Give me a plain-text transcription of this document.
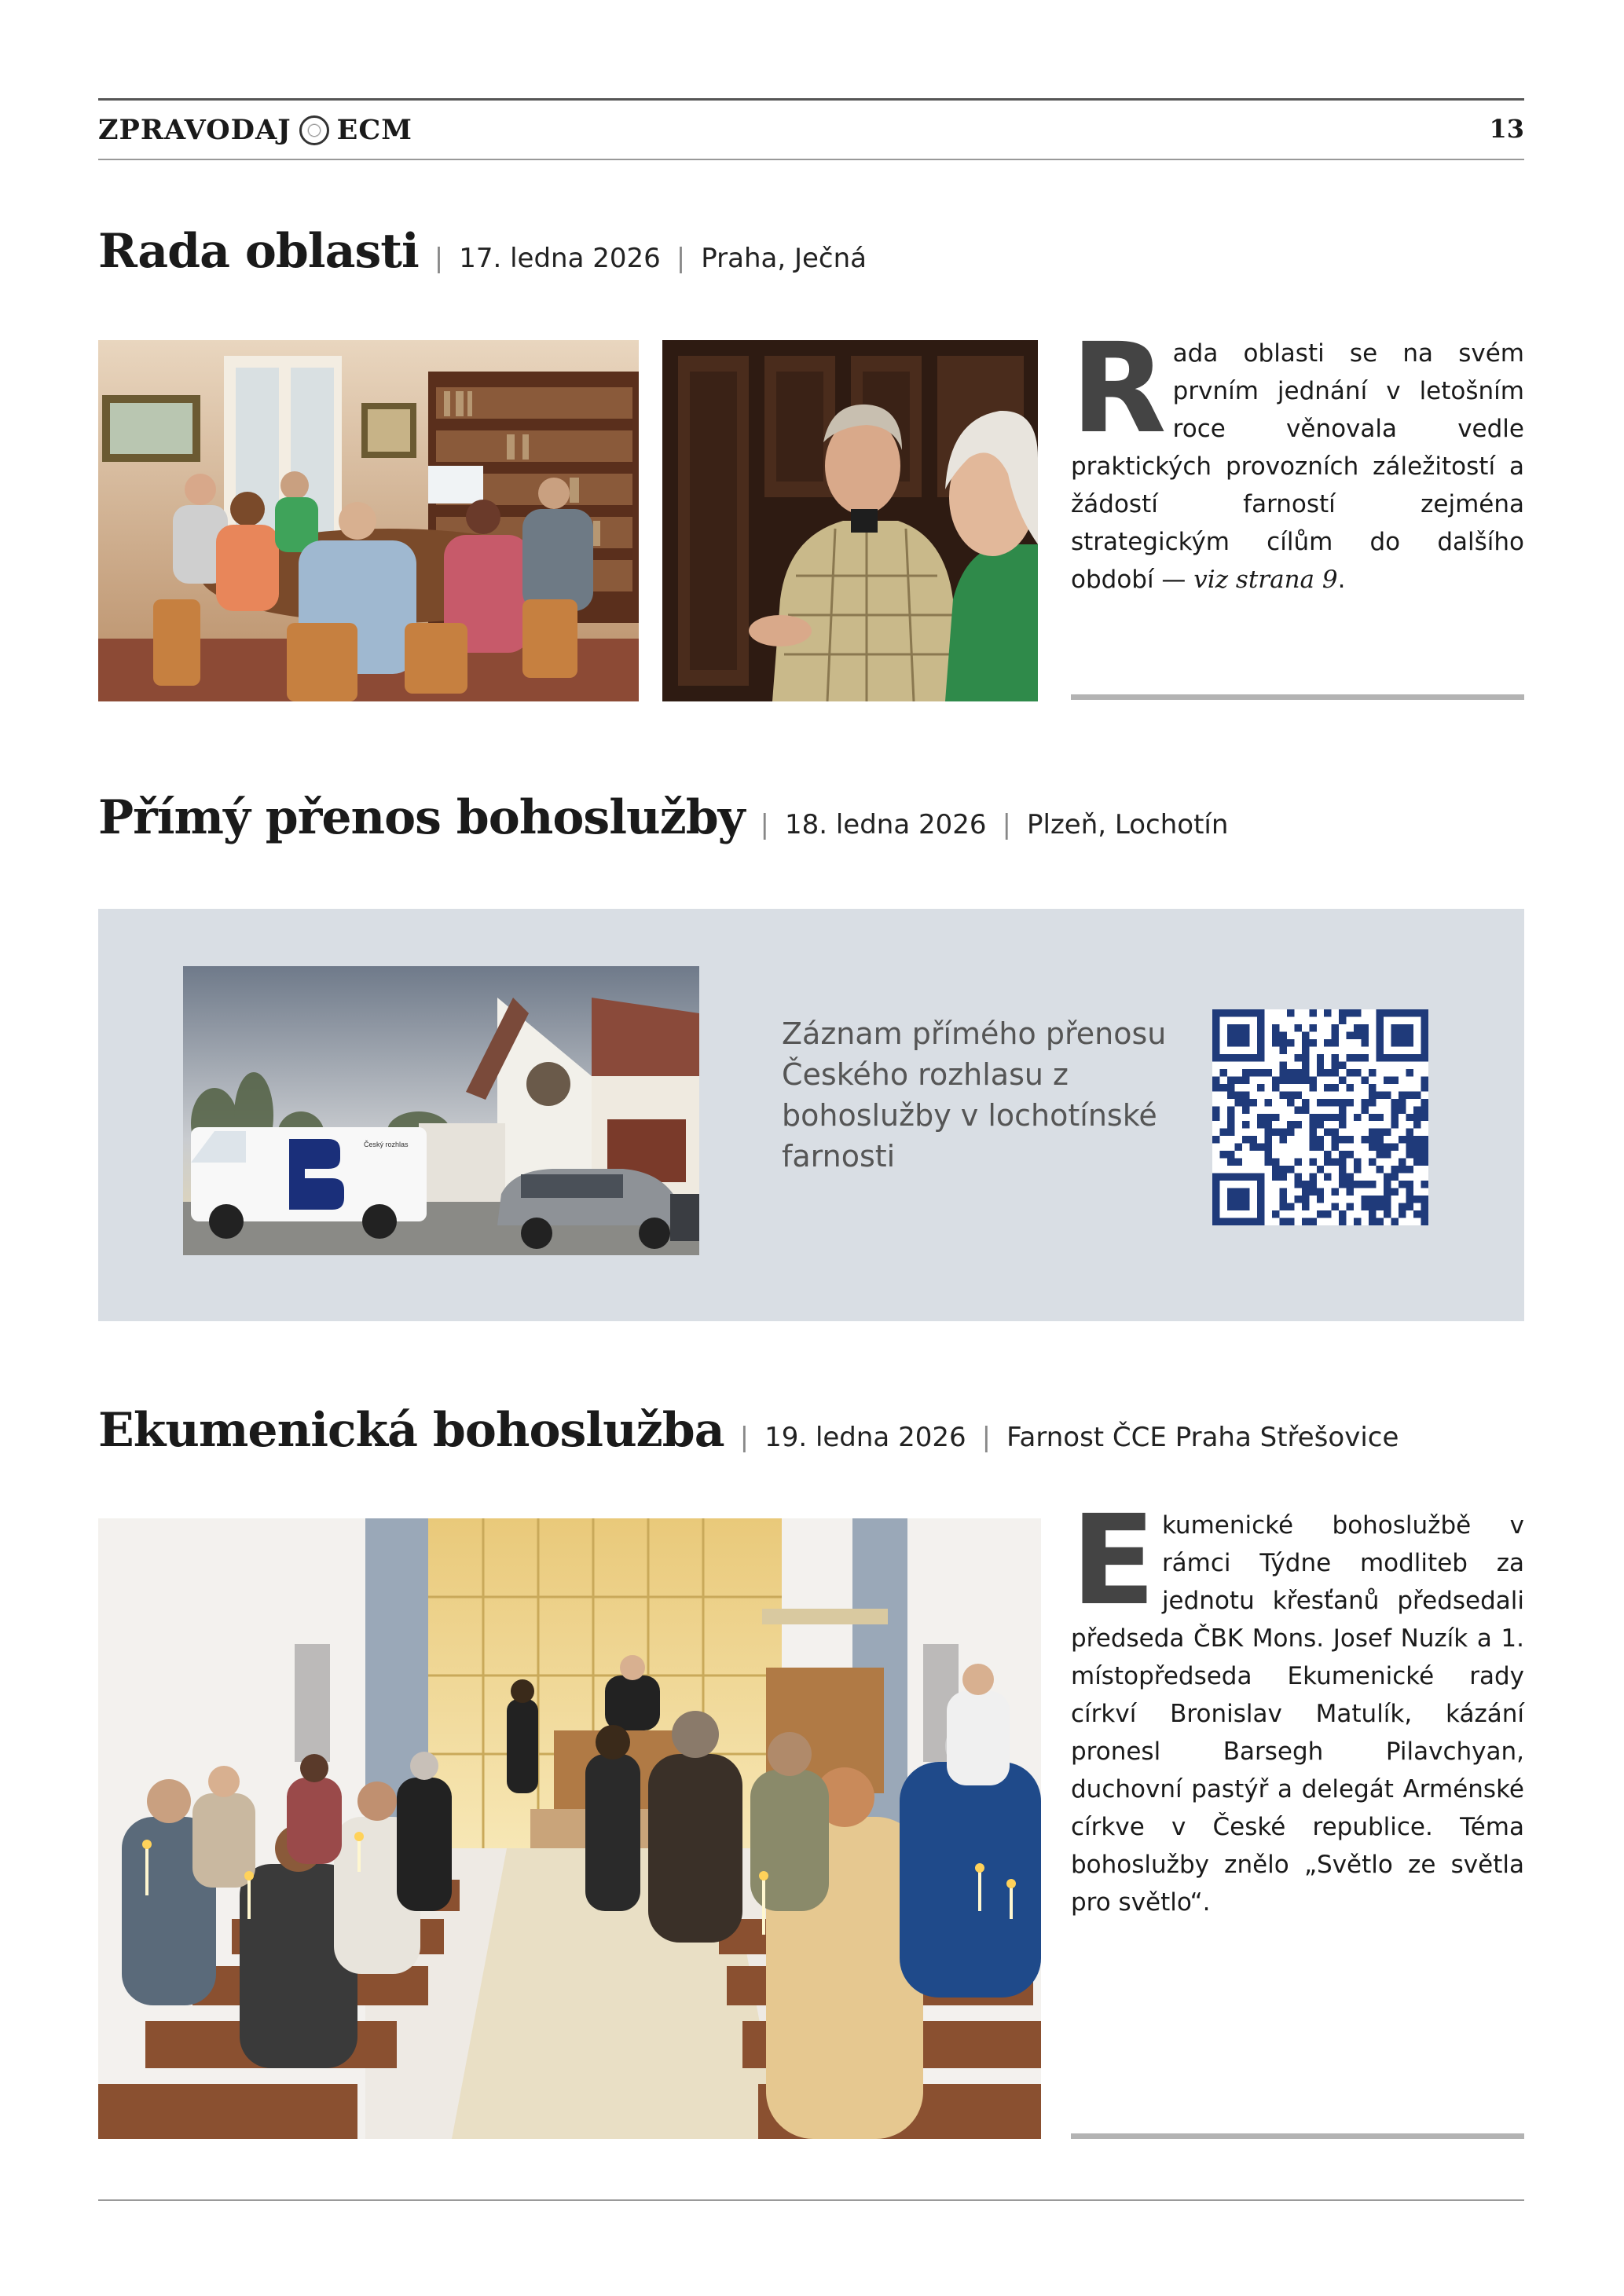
ZPRAVODAJ ECM	13
Rada oblasti | 17. ledna 2026 | Praha, Ječná
Rada oblasti se na svém prvním jednání v letošním roce věnovala vedle praktických provozních záležitostí a žádostí farností zejména strategickým cílům do dalšího období — viz strana 9.
Přímý přenos bohoslužby | 18. ledna 2026 | Plzeň, Lochotín
Český rozhlas
Záznam přímého přenosu Českého rozhlasu z bohoslužby v lochotínské farnosti
Ekumenická bohoslužba | 19. ledna 2026 | Farnost ČCE Praha Střešovice
Ekumenické bohoslužbě v rámci Týdne modliteb za jednotu křesťanů předsedali předseda ČBK Mons. Josef Nuzík a 1. místopředseda Ekumenické rady církví Bronislav Matulík, kázání pronesl Barsegh Pilavchyan, duchovní pastýř a delegát Arménské církve v České republice. Téma bohoslužby znělo „Světlo ze světla pro světlo“.
